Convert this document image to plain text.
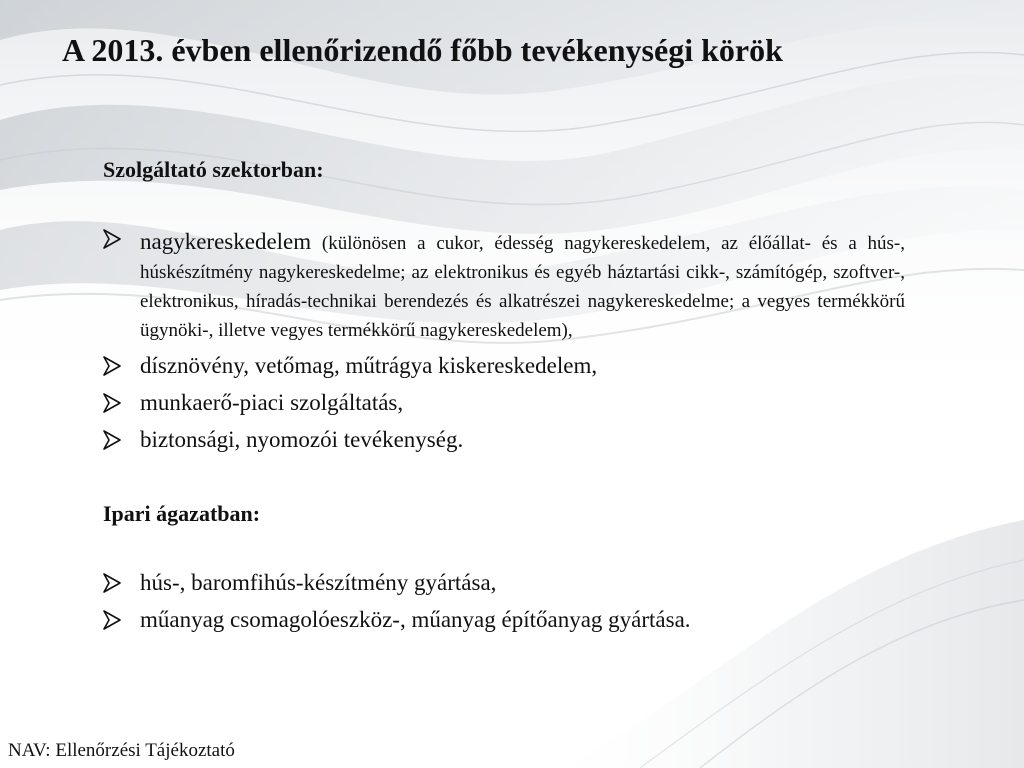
A 2013. évben ellenőrizendő főbb tevékenységi körök

Szolgáltató szektorban:

nagykereskedelem (különösen a cukor, édesség nagykereskedelem, az élőállat- és a hús-, húskészítmény nagykereskedelme; az elektronikus és egyéb háztartási cikk-, számítógép, szoftver-, elektronikus, híradás-technikai berendezés és alkatrészei nagykereskedelme; a vegyes termékkörű ügynöki-, illetve vegyes termékkörű nagykereskedelem),
dísznövény, vetőmag, műtrágya kiskereskedelem,
munkaerő-piaci szolgáltatás,
biztonsági, nyomozói tevékenység.

Ipari ágazatban:

hús-, baromfihús-készítmény gyártása,
műanyag csomagolóeszköz-, műanyag építőanyag gyártása.

NAV: Ellenőrzési Tájékoztató
